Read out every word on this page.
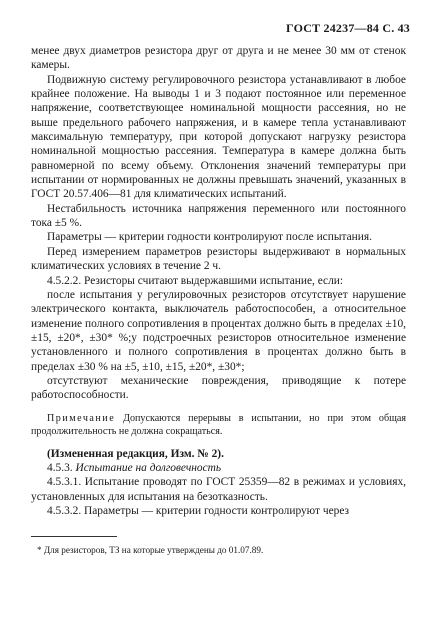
ГОСТ 24237—84 С. 43

менее двух диаметров резистора друг от друга и не менее 30 мм от стенок камеры.

Подвижную систему регулировочного резистора устанавливают в любое крайнее положение. На выводы 1 и 3 подают постоянное или переменное напряжение, соответствующее номинальной мощности рассеяния, но не выше предельного рабочего напряжения, и в камере тепла устанавливают максимальную температуру, при которой допускают нагрузку резистора номинальной мощностью рассеяния. Температура в камере должна быть равномерной по всему объему. Отклонения значений температуры при испытании от нормированных не должны превышать значений, указанных в ГОСТ 20.57.406—81 для климатических испытаний.

Нестабильность источника напряжения переменного или постоянного тока ±5 %.

Параметры — критерии годности контролируют после испытания.

Перед измерением параметров резисторы выдерживают в нормальных климатических условиях в течение 2 ч.

4.5.2.2. Резисторы считают выдержавшими испытание, если:

после испытания у регулировочных резисторов отсутствует нарушение электрического контакта, выключатель работоспособен, а относительное изменение полного сопротивления в процентах должно быть в пределах ±10, ±15, ±20*, ±30* %;у подстроечных резисторов относительное изменение установленного и полного сопротивления в процентах должно быть в пределах ±30 % на ±5, ±10, ±15, ±20*, ±30*;

отсутствуют механические повреждения, приводящие к потере работоспособности.

Примечание Допускаются перерывы в испытании, но при этом общая продолжительность не должна сокращаться.

(Измененная редакция, Изм. № 2).

4.5.3. Испытание на долговечность

4.5.3.1. Испытание проводят по ГОСТ 25359—82 в режимах и условиях, установленных для испытания на безотказность.

4.5.3.2. Параметры — критерии годности контролируют через

* Для резисторов, ТЗ на которые утверждены до 01.07.89.
